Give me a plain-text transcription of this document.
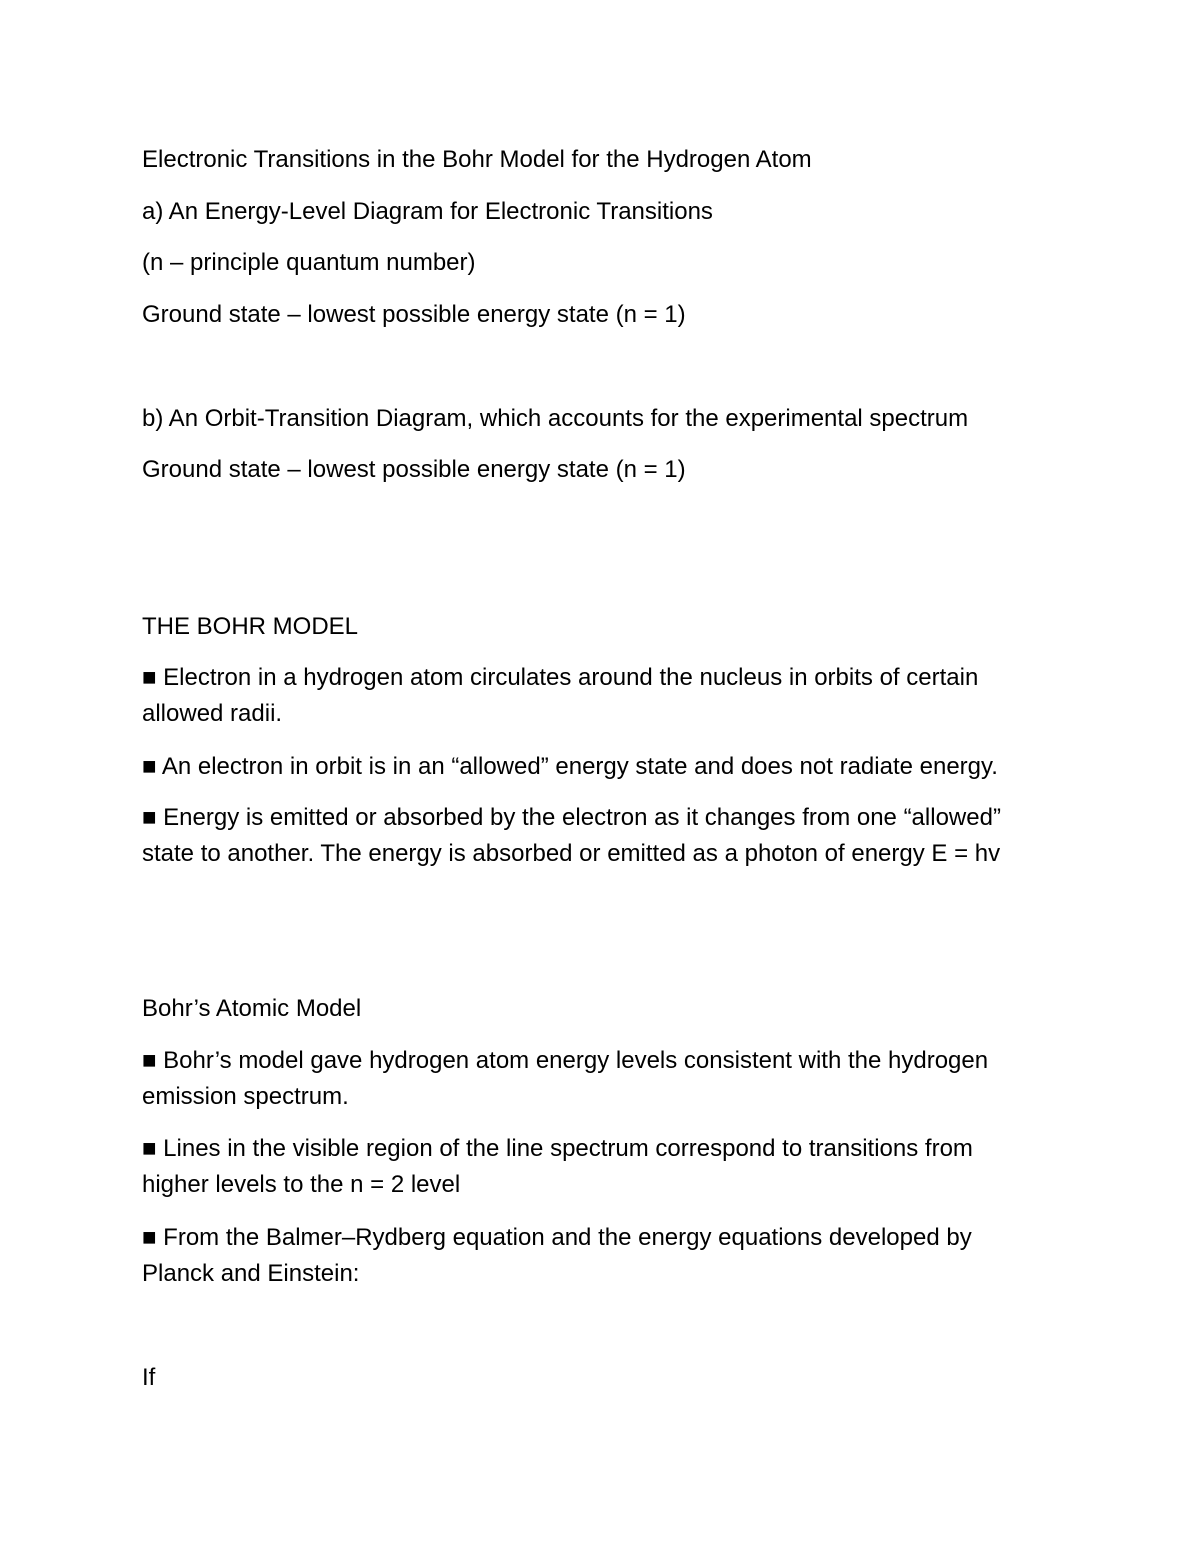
Electronic Transitions in the Bohr Model for the Hydrogen Atom
a) An Energy-Level Diagram for Electronic Transitions
(n – principle quantum number)
Ground state – lowest possible energy state (n = 1)
b) An Orbit-Transition Diagram, which accounts for the experimental spectrum
Ground state – lowest possible energy state (n = 1)
THE BOHR MODEL
■ Electron in a hydrogen atom circulates around the nucleus in orbits of certain
allowed radii.
■ An electron in orbit is in an “allowed” energy state and does not radiate energy.
■ Energy is emitted or absorbed by the electron as it changes from one “allowed”
state to another. The energy is absorbed or emitted as a photon of energy E = hv
Bohr’s Atomic Model
■ Bohr’s model gave hydrogen atom energy levels consistent with the hydrogen
emission spectrum.
■ Lines in the visible region of the line spectrum correspond to transitions from
higher levels to the n = 2 level
■ From the Balmer–Rydberg equation and the energy equations developed by
Planck and Einstein:
If
